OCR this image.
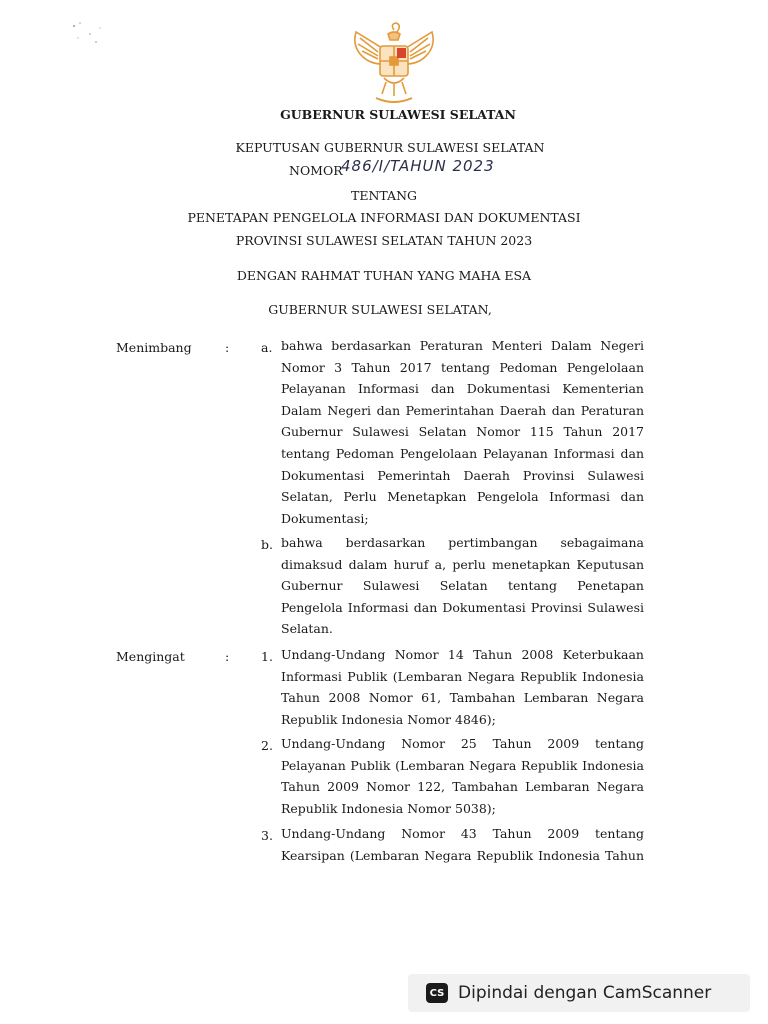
GUBERNUR SULAWESI SELATAN
KEPUTUSAN GUBERNUR SULAWESI SELATAN
NOMOR
486/I/TAHUN 2023
TENTANG
PENETAPAN PENGELOLA INFORMASI DAN DOKUMENTASI
PROVINSI SULAWESI SELATAN TAHUN 2023
DENGAN RAHMAT TUHAN YANG MAHA ESA
GUBERNUR SULAWESI SELATAN,
Menimbang	:	a. bahwa berdasarkan Peraturan Menteri Dalam Negeri Nomor 3 Tahun 2017 tentang Pedoman Pengelolaan Pelayanan Informasi dan Dokumentasi Kementerian Dalam Negeri dan Pemerintahan Daerah dan Peraturan Gubernur Sulawesi Selatan Nomor 115 Tahun 2017 tentang Pedoman Pengelolaan Pelayanan Informasi dan Dokumentasi Pemerintah Daerah Provinsi Sulawesi Selatan, Perlu Menetapkan Pengelola Informasi dan Dokumentasi;
b. bahwa berdasarkan pertimbangan sebagaimana dimaksud dalam huruf a, perlu menetapkan Keputusan Gubernur Sulawesi Selatan tentang Penetapan Pengelola Informasi dan Dokumentasi Provinsi Sulawesi Selatan.
Mengingat	:	1. Undang-Undang Nomor 14 Tahun 2008 Keterbukaan Informasi Publik (Lembaran Negara Republik Indonesia Tahun 2008 Nomor 61, Tambahan Lembaran Negara Republik Indonesia Nomor 4846);
2. Undang-Undang Nomor 25 Tahun 2009 tentang Pelayanan Publik (Lembaran Negara Republik Indonesia Tahun 2009 Nomor 122, Tambahan Lembaran Negara Republik Indonesia Nomor 5038);
3. Undang-Undang Nomor 43 Tahun 2009 tentang Kearsipan (Lembaran Negara Republik Indonesia Tahun
CS Dipindai dengan CamScanner
